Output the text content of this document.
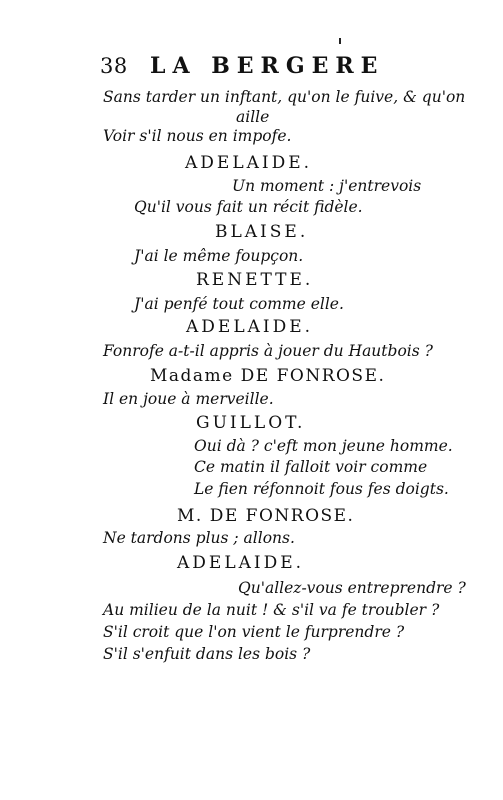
38 LA BERGERE
Sans tarder un inftant, qu'on le fuive, & qu'on
aille
Voir s'il nous en impofe.
ADELAIDE.
Un moment : j'entrevois
Qu'il vous fait un récit fidèle.
BLAISE.
J'ai le même foupçon.
RENETTE.
J'ai penfé tout comme elle.
ADELAIDE.
Fonrofe a-t-il appris à jouer du Hautbois ?
Madame DE FONROSE.
Il en joue à merveille.
GUILLOT.
Oui dà ? c'eft mon jeune homme.
Ce matin il falloit voir comme
Le fien réfonnoit fous fes doigts.
M. DE FONROSE.
Ne tardons plus ; allons.
ADELAIDE.
Qu'allez-vous entreprendre ?
Au milieu de la nuit ! & s'il va fe troubler ?
S'il croit que l'on vient le furprendre ?
S'il s'enfuit dans les bois ?
